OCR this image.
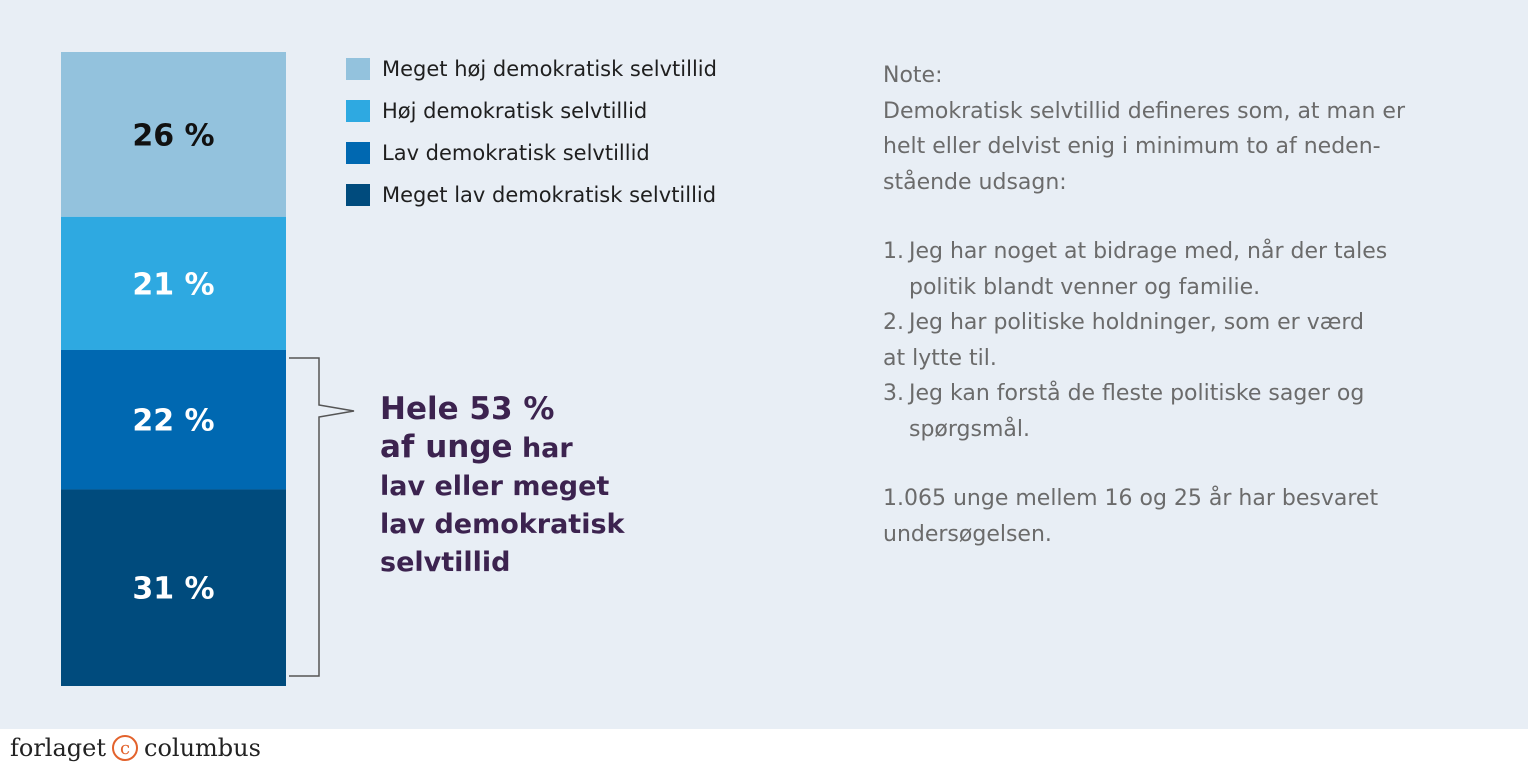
26 %
21 %
22 %
31 %
Meget høj demokratisk selvtillid
Høj demokratisk selvtillid
Lav demokratisk selvtillid
Meget lav demokratisk selvtillid
Hele 53 %
af unge har
lav eller meget
lav demokratisk
selvtillid

Note:

Demokratisk selvtillid defineres som, at man er

helt eller delvist enig i minimum to af neden-

stående udsagn:

1. Jeg har noget at bidrage med, når der tales
politik blandt venner og familie.
2. Jeg har politiske holdninger, som er værd
at lytte til.
3. Jeg kan forstå de fleste politiske sager og
spørgsmål.

1.065 unge mellem 16 og 25 år har besvaret

undersøgelsen.

forlaget c columbus
